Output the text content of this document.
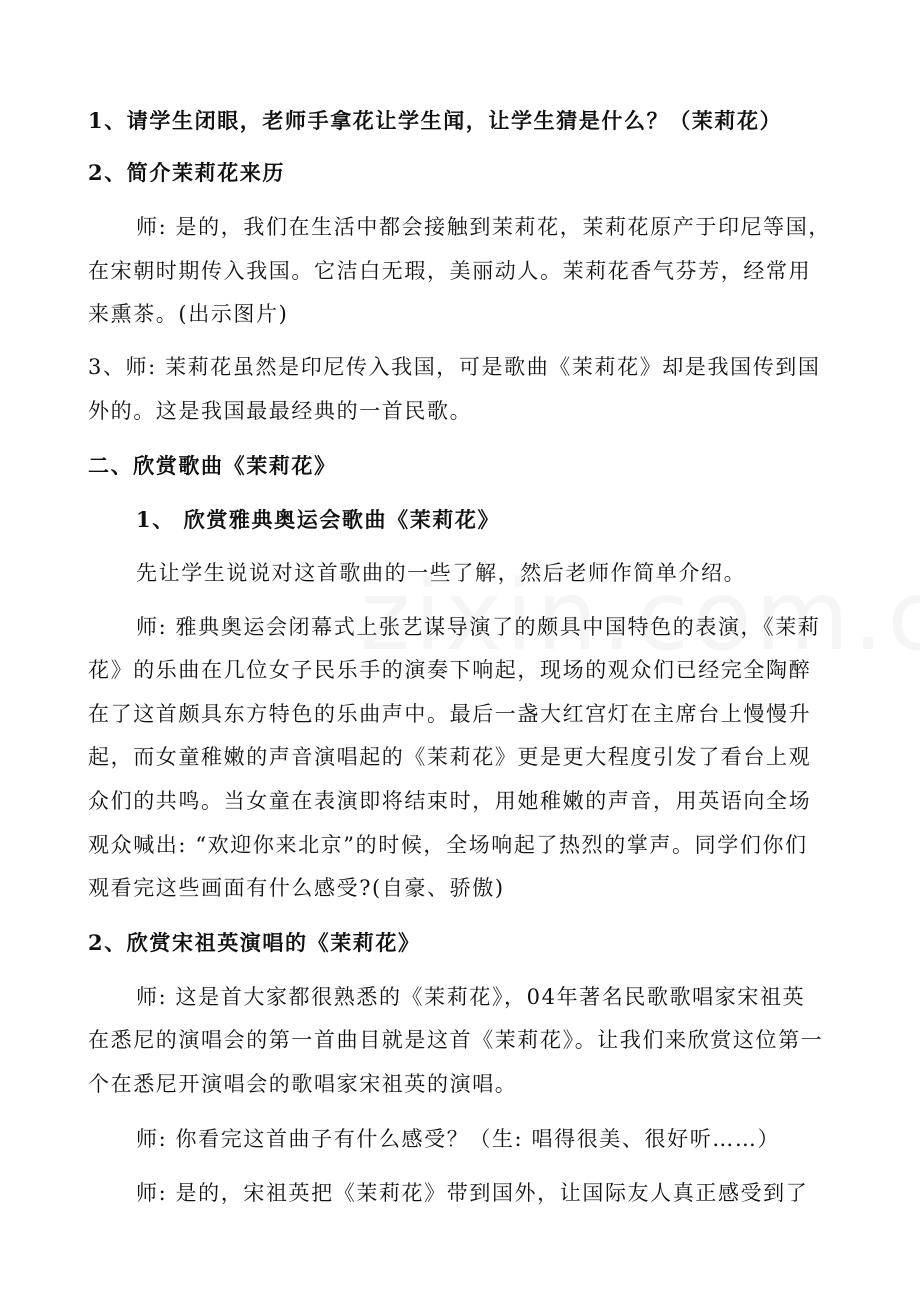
1、请学生闭眼，老师手拿花让学生闻，让学生猜是什么？（茉莉花）
2、简介茉莉花来历
师: 是的，我们在生活中都会接触到茉莉花，茉莉花原产于印尼等国，
在宋朝时期传入我国。它洁白无瑕，美丽动人。茉莉花香气芬芳，经常用
来熏茶。(出示图片)
3、师: 茉莉花虽然是印尼传入我国，可是歌曲《茉莉花》却是我国传到国
外的。这是我国最最经典的一首民歌。
二、欣赏歌曲《茉莉花》
1、 欣赏雅典奥运会歌曲《茉莉花》
先让学生说说对这首歌曲的一些了解，然后老师作简单介绍。
师: 雅典奥运会闭幕式上张艺谋导演了的颇具中国特色的表演，《茉莉
花》的乐曲在几位女子民乐手的演奏下响起，现场的观众们已经完全陶醉
在了这首颇具东方特色的乐曲声中。最后一盏大红宫灯在主席台上慢慢升
起，而女童稚嫩的声音演唱起的《茉莉花》更是更大程度引发了看台上观
众们的共鸣。当女童在表演即将结束时，用她稚嫩的声音，用英语向全场
观众喊出: “欢迎你来北京”的时候，全场响起了热烈的掌声。同学们你们
观看完这些画面有什么感受?(自豪、骄傲)
2、欣赏宋祖英演唱的《茉莉花》
师: 这是首大家都很熟悉的《茉莉花》，04年著名民歌歌唱家宋祖英
在悉尼的演唱会的第一首曲目就是这首《茉莉花》。让我们来欣赏这位第一
个在悉尼开演唱会的歌唱家宋祖英的演唱。
师: 你看完这首曲子有什么感受？（生: 唱得很美、很好听……）
师: 是的，宋祖英把《茉莉花》带到国外，让国际友人真正感受到了
